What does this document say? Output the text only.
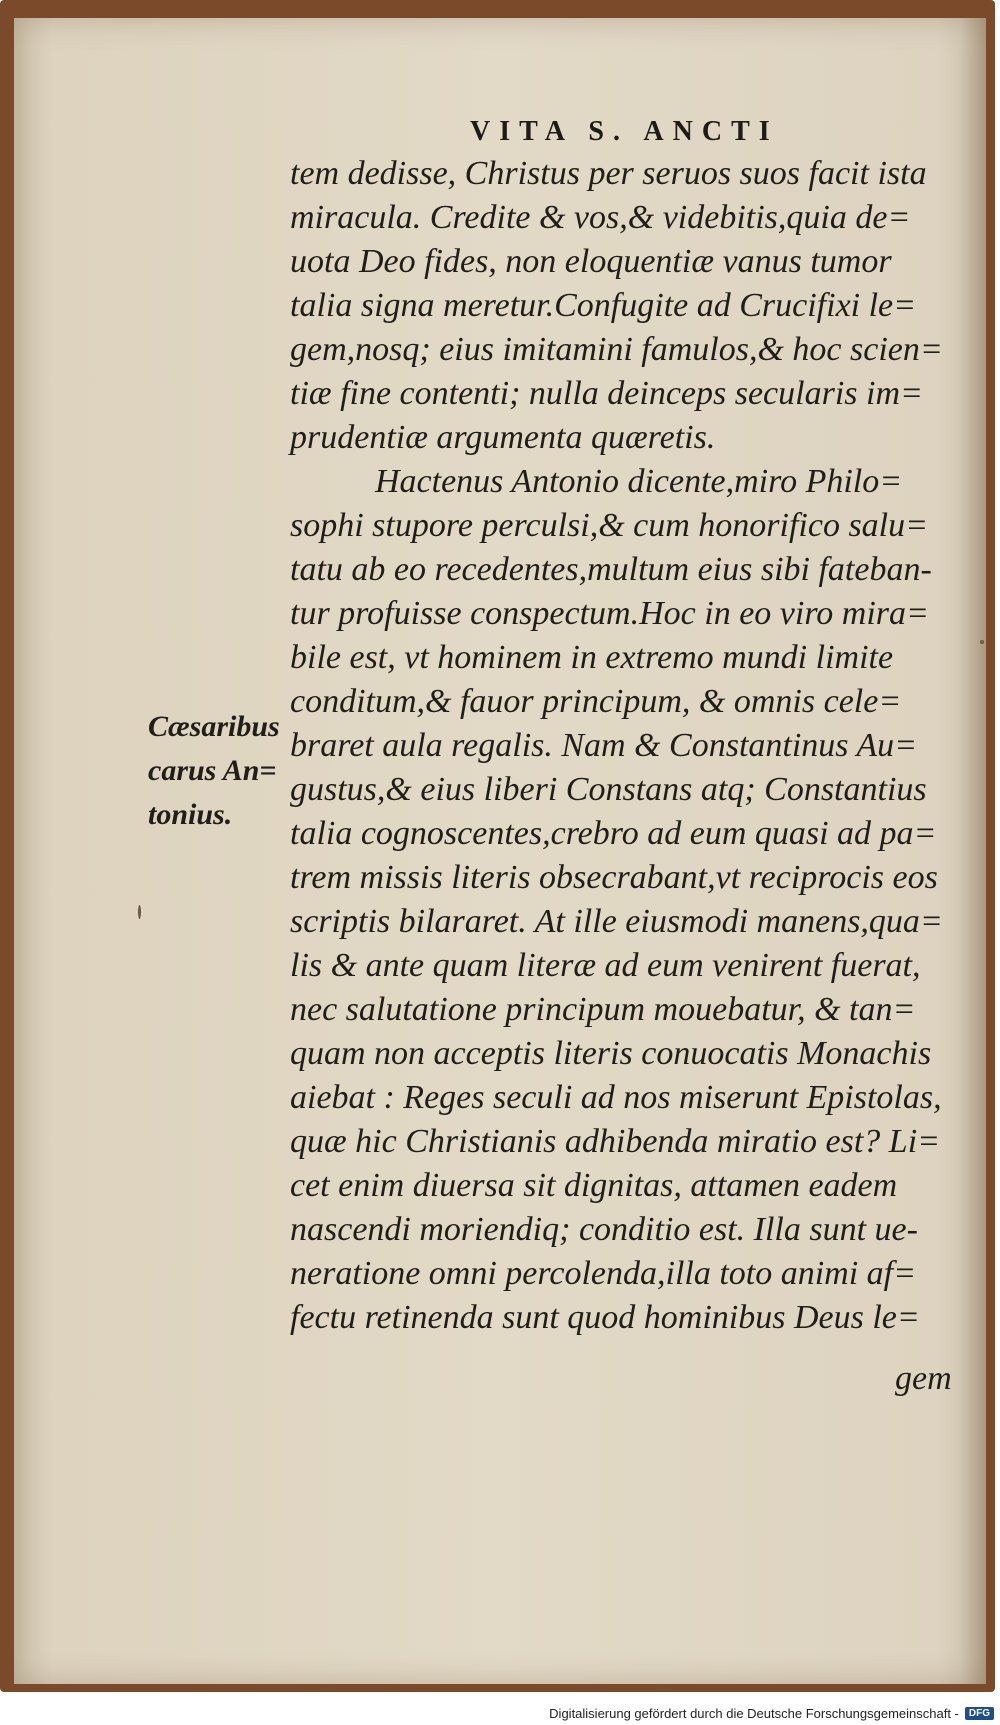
VITA S. ANCTI
tem dedisse, Christus per seruos suos facit ista
miracula. Credite & vos,& videbitis,quia de=
uota Deo fides, non eloquentiæ vanus tumor
talia signa meretur.Confugite ad Crucifixi le=
gem,nosq; eius imitamini famulos,& hoc scien=
tiæ fine contenti; nulla deinceps secularis im=
prudentiæ argumenta quæretis.
Hactenus Antonio dicente,miro Philo=
sophi stupore perculsi,& cum honorifico salu=
tatu ab eo recedentes,multum eius sibi fateban-
tur profuisse conspectum.Hoc in eo viro mira=
bile est, vt hominem in extremo mundi limite
conditum,& fauor principum, & omnis cele=
braret aula regalis. Nam & Constantinus Au=
gustus,& eius liberi Constans atq; Constantius
talia cognoscentes,crebro ad eum quasi ad pa=
trem missis literis obsecrabant,vt reciprocis eos
scriptis bilararet. At ille eiusmodi manens,qua=
lis & ante quam literæ ad eum venirent fuerat,
nec salutatione principum mouebatur, & tan=
quam non acceptis literis conuocatis Monachis
aiebat : Reges seculi ad nos miserunt Epistolas,
quæ hic Christianis adhibenda miratio est? Li=
cet enim diuersa sit dignitas, attamen eadem
nascendi moriendiq; conditio est. Illa sunt ue-
neratione omni percolenda,illa toto animi af=
fectu retinenda sunt quod hominibus Deus le=
gem
Cæsaribus
carus An=
tonius.
Digitalisierung gefördert durch die Deutsche Forschungsgemeinschaft -	DFG
